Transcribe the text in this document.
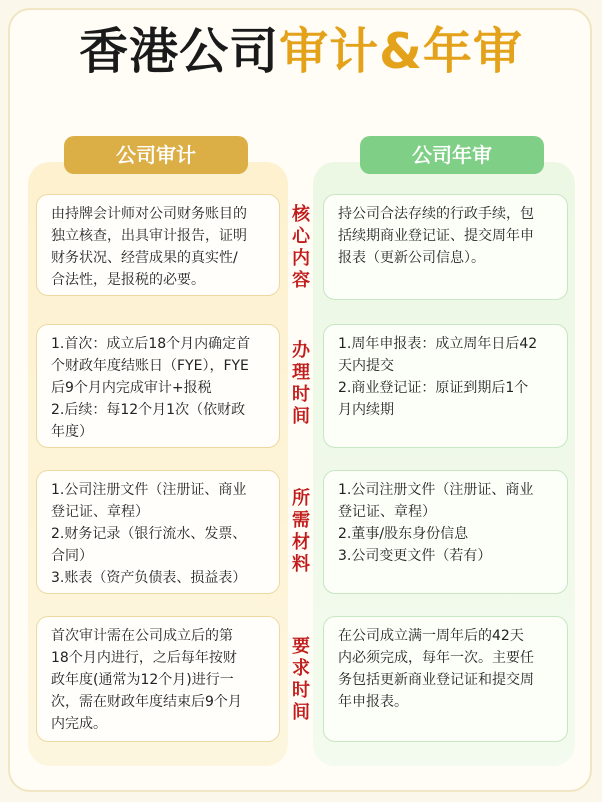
香港公司审计&年审
公司审计	公司年审
由持牌会计师对公司财务账目的
独立核查，出具审计报告，证明
财务状况、经营成果的真实性/
合法性，是报税的必要。
核
心
内
容
持公司合法存续的行政手续，包
括续期商业登记证、提交周年申
报表（更新公司信息）。
1.首次：成立后18个月内确定首
个财政年度结账日（FYE），FYE
后9个月内完成审计+报税
2.后续：每12个月1次（依财政
年度）
办
理
时
间
1.周年申报表：成立周年日后42
天内提交
2.商业登记证：原证到期后1个
月内续期
1.公司注册文件（注册证、商业
登记证、章程）
2.财务记录（银行流水、发票、
合同）
3.账表（资产负债表、损益表）
所
需
材
料
1.公司注册文件（注册证、商业
登记证、章程）
2.董事/股东身份信息
3.公司变更文件（若有）
首次审计需在公司成立后的第
18个月内进行，之后每年按财
政年度(通常为12个月)进行一
次，需在财政年度结束后9个月
内完成。
要
求
时
间
在公司成立满一周年后的42天
内必须完成，每年一次。主要任
务包括更新商业登记证和提交周
年申报表。
